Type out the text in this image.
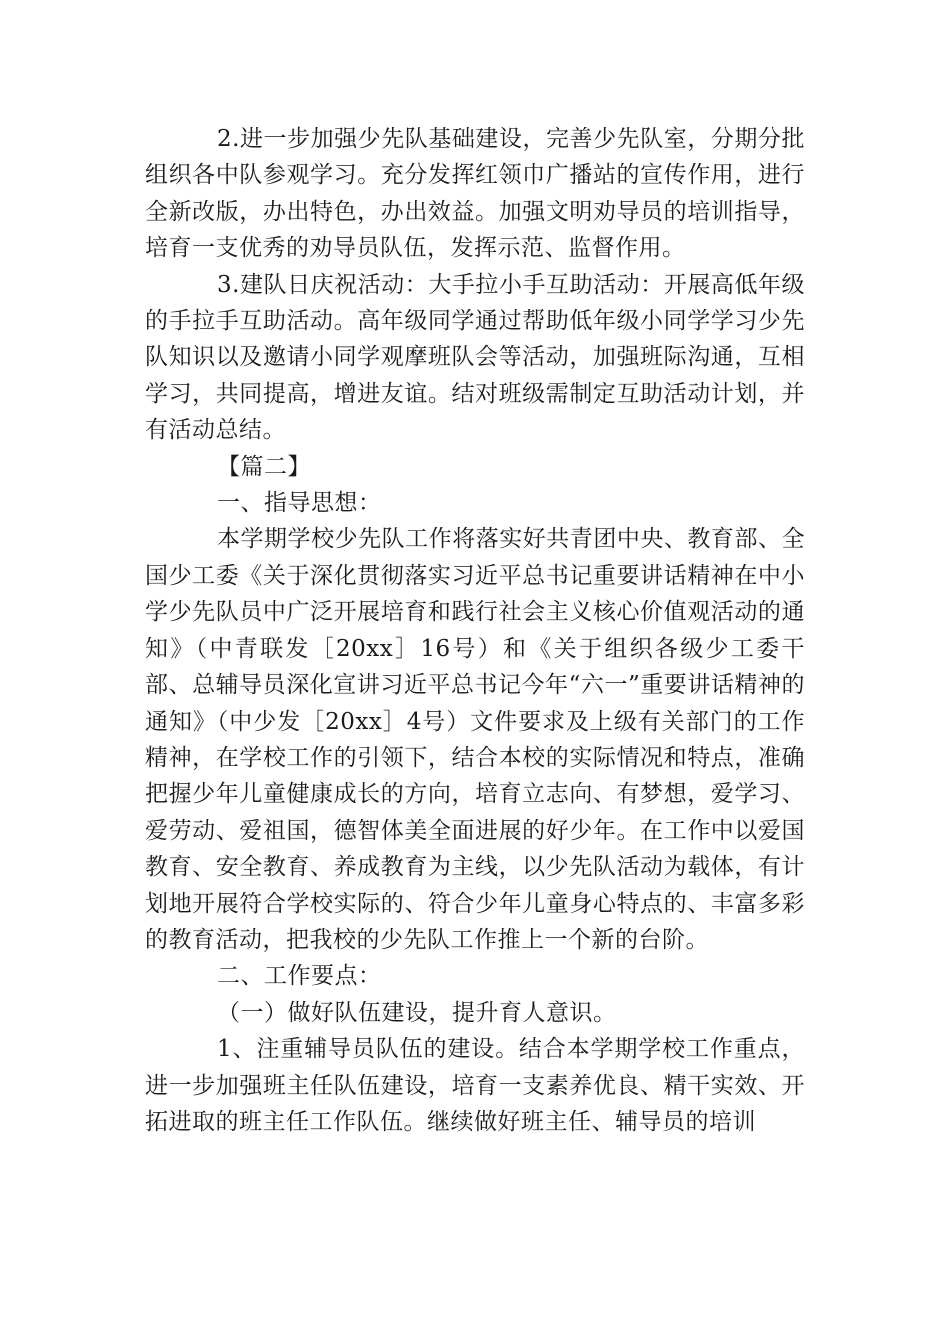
2.进一步加强少先队基础建设，完善少先队室，分期分批组织各中队参观学习。充分发挥红领巾广播站的宣传作用，进行全新改版，办出特色，办出效益。加强文明劝导员的培训指导，培育一支优秀的劝导员队伍，发挥示范、监督作用。

3.建队日庆祝活动：大手拉小手互助活动：开展高低年级的手拉手互助活动。高年级同学通过帮助低年级小同学学习少先队知识以及邀请小同学观摩班队会等活动，加强班际沟通，互相学习，共同提高，增进友谊。结对班级需制定互助活动计划，并有活动总结。

【篇二】

一、指导思想：

本学期学校少先队工作将落实好共青团中央、教育部、全国少工委《关于深化贯彻落实习近平总书记重要讲话精神在中小学少先队员中广泛开展培育和践行社会主义核心价值观活动的通知》（中青联发［20xx］16号）和《关于组织各级少工委干部、总辅导员深化宣讲习近平总书记今年“六一”重要讲话精神的通知》（中少发［20xx］4号）文件要求及上级有关部门的工作精神，在学校工作的引领下，结合本校的实际情况和特点，准确把握少年儿童健康成长的方向，培育立志向、有梦想，爱学习、爱劳动、爱祖国，德智体美全面进展的好少年。在工作中以爱国教育、安全教育、养成教育为主线，以少先队活动为载体，有计划地开展符合学校实际的、符合少年儿童身心特点的、丰富多彩的教育活动，把我校的少先队工作推上一个新的台阶。

二、工作要点：

（一）做好队伍建设，提升育人意识。

1、注重辅导员队伍的建设。结合本学期学校工作重点，进一步加强班主任队伍建设，培育一支素养优良、精干实效、开拓进取的班主任工作队伍。继续做好班主任、辅导员的培训
